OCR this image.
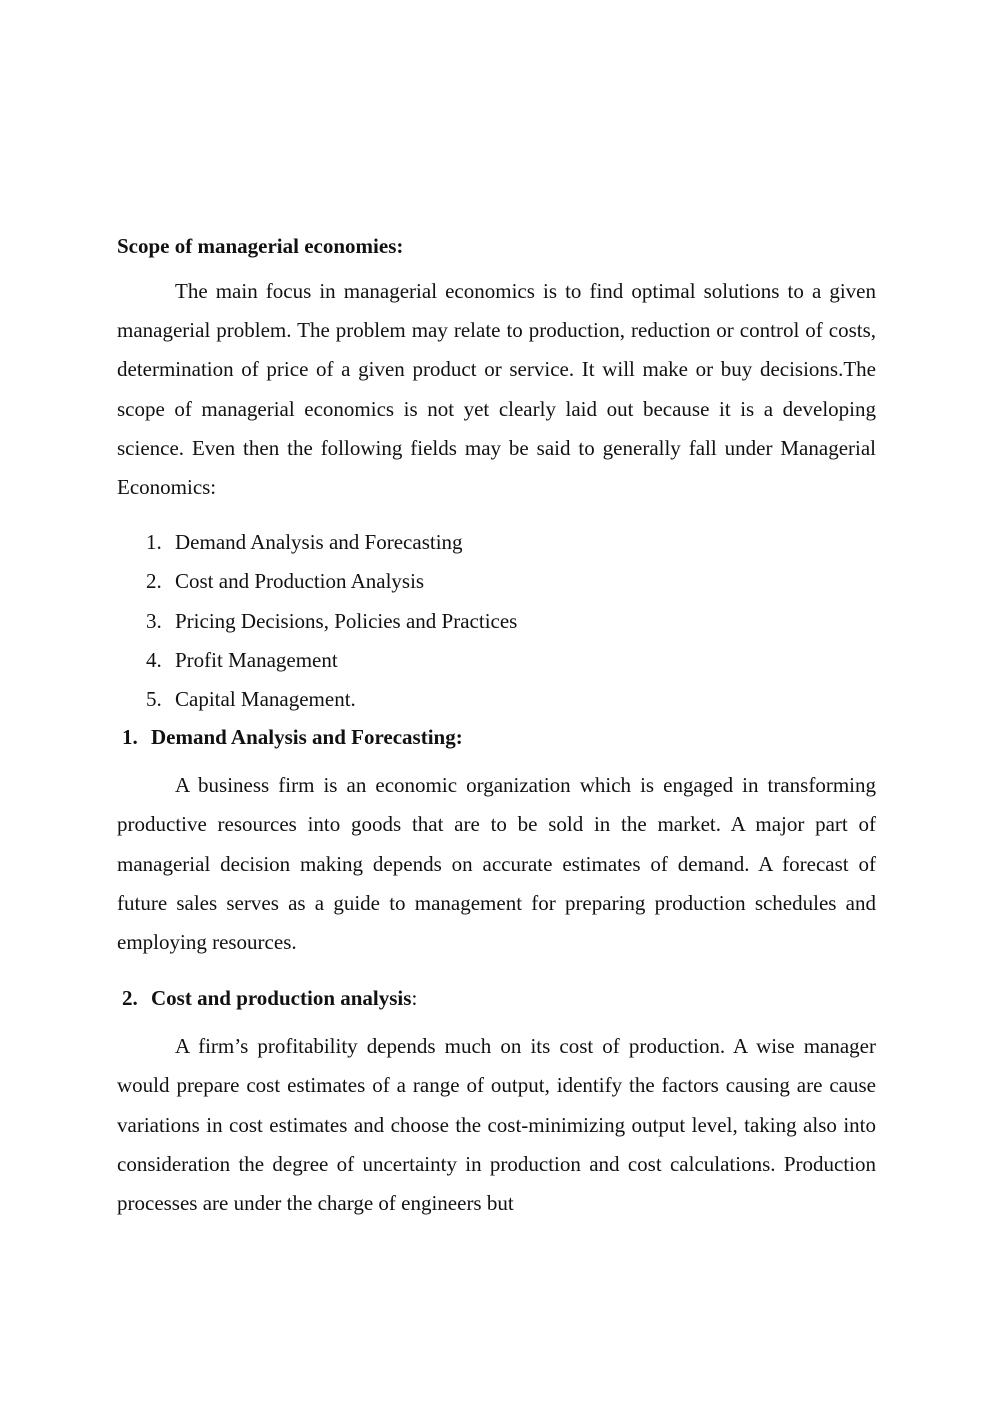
Scope of managerial economies:

The main focus in managerial economics is to find optimal solutions to a given managerial problem. The problem may relate to production, reduction or control of costs, determination of price of a given product or service. It will make or buy decisions.The scope of managerial economics is not yet clearly laid out because it is a developing science. Even then the following fields may be said to generally fall under Managerial Economics:

1. Demand Analysis and Forecasting
2. Cost and Production Analysis
3. Pricing Decisions, Policies and Practices
4. Profit Management
5. Capital Management.

1. Demand Analysis and Forecasting:

A business firm is an economic organization which is engaged in transforming productive resources into goods that are to be sold in the market. A major part of managerial decision making depends on accurate estimates of demand. A forecast of future sales serves as a guide to management for preparing production schedules and employing resources.

2. Cost and production analysis:

A firm’s profitability depends much on its cost of production. A wise manager would prepare cost estimates of a range of output, identify the factors causing are cause variations in cost estimates and choose the cost-minimizing output level, taking also into consideration the degree of uncertainty in production and cost calculations. Production processes are under the charge of engineers but
